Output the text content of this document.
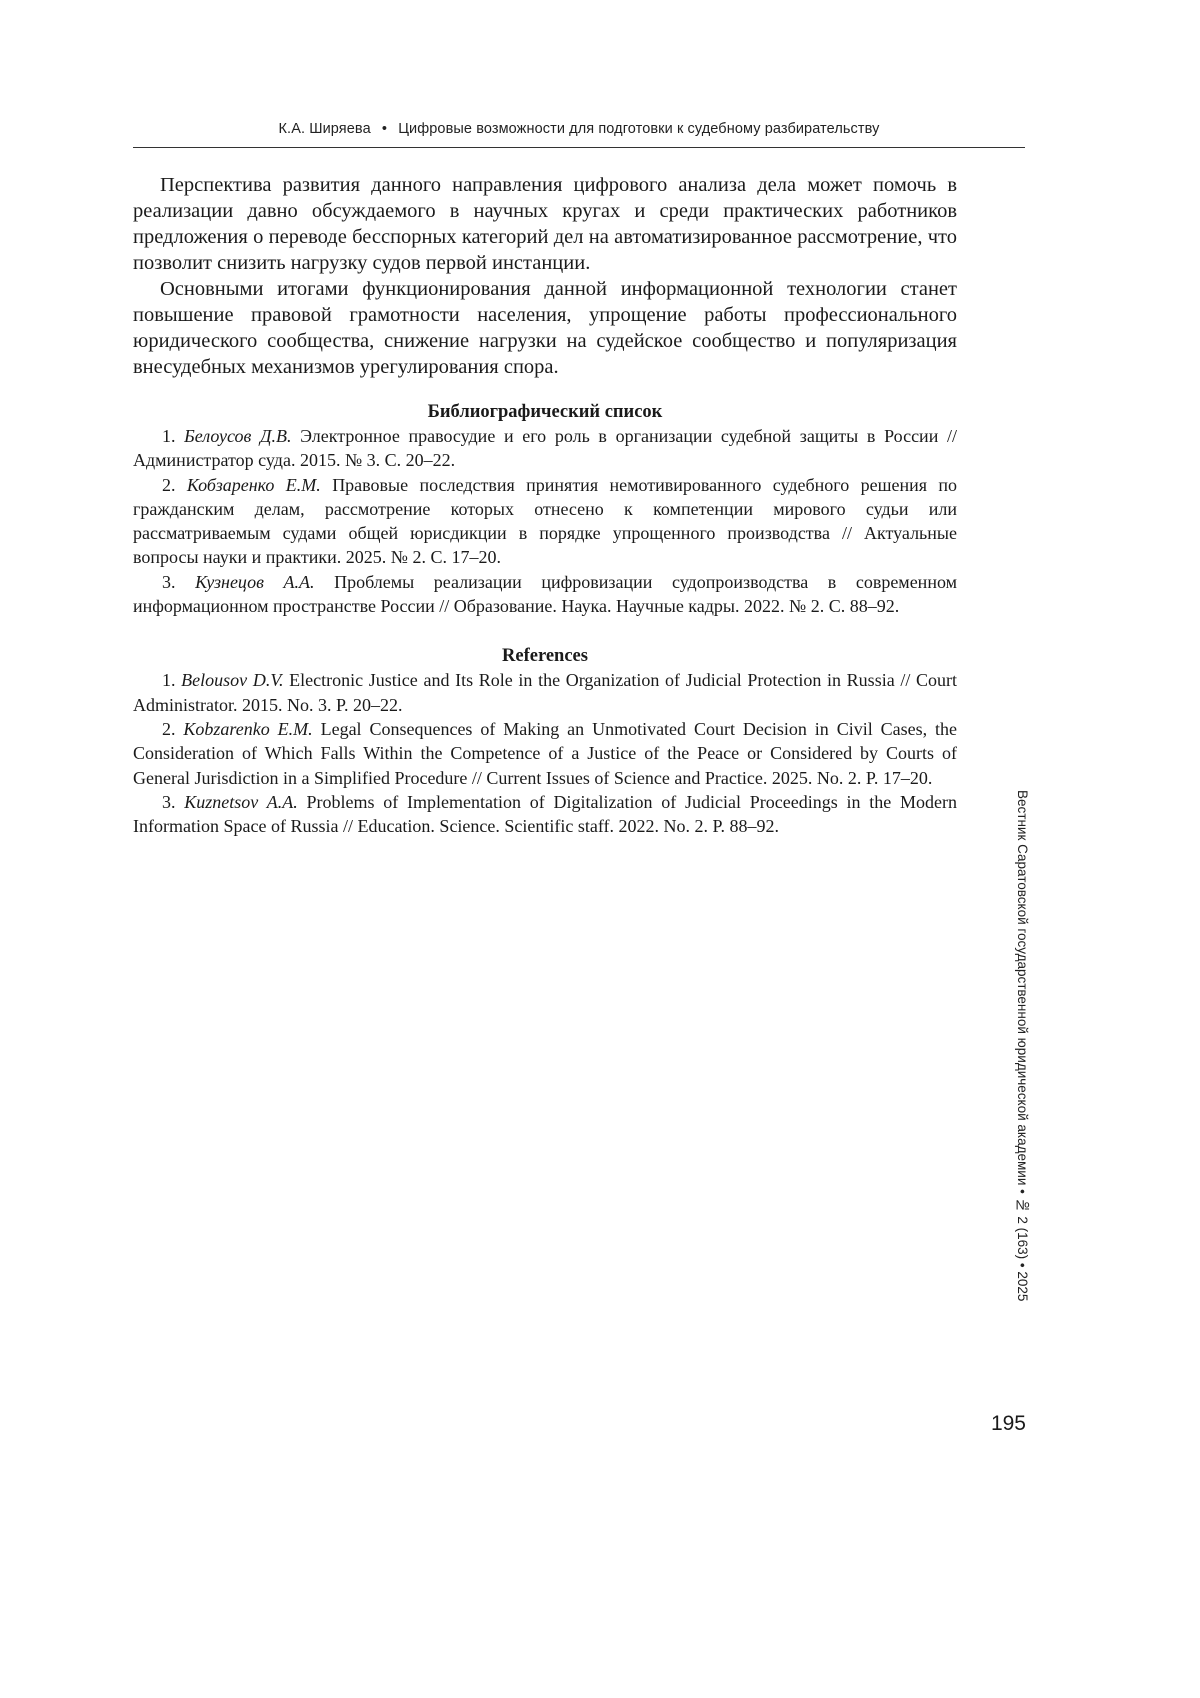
К.А. Ширяева • Цифровые возможности для подготовки к судебному разбирательству

Перспектива развития данного направления цифрового анализа дела может помочь в реализации давно обсуждаемого в научных кругах и среди практических работников предложения о переводе бесспорных категорий дел на автоматизированное рассмотрение, что позволит снизить нагрузку судов первой инстанции.

Основными итогами функционирования данной информационной технологии станет повышение правовой грамотности населения, упрощение работы профессионального юридического сообщества, снижение нагрузки на судейское сообщество и популяризация внесудебных механизмов урегулирования спора.

Библиографический список

1. Белоусов Д.В. Электронное правосудие и его роль в организации судебной защиты в России // Администратор суда. 2015. № 3. С. 20–22.

2. Кобзаренко Е.М. Правовые последствия принятия немотивированного судебного решения по гражданским делам, рассмотрение которых отнесено к компетенции мирового судьи или рассматриваемым судами общей юрисдикции в порядке упрощенного производства // Актуальные вопросы науки и практики. 2025. № 2. С. 17–20.

3. Кузнецов А.А. Проблемы реализации цифровизации судопроизводства в современном информационном пространстве России // Образование. Наука. Научные кадры. 2022. № 2. С. 88–92.

References

1. Belousov D.V. Electronic Justice and Its Role in the Organization of Judicial Protection in Russia // Court Administrator. 2015. No. 3. P. 20–22.

2. Kobzarenko E.M. Legal Consequences of Making an Unmotivated Court Decision in Civil Cases, the Consideration of Which Falls Within the Competence of a Justice of the Peace or Considered by Courts of General Jurisdiction in a Simplified Procedure // Current Issues of Science and Practice. 2025. No. 2. P. 17–20.

3. Kuznetsov A.A. Problems of Implementation of Digitalization of Judicial Proceedings in the Modern Information Space of Russia // Education. Science. Scientific staff. 2022. No. 2. P. 88–92.	Вестник Саратовской государственной юридической академии • № 2 (163) • 2025
195
